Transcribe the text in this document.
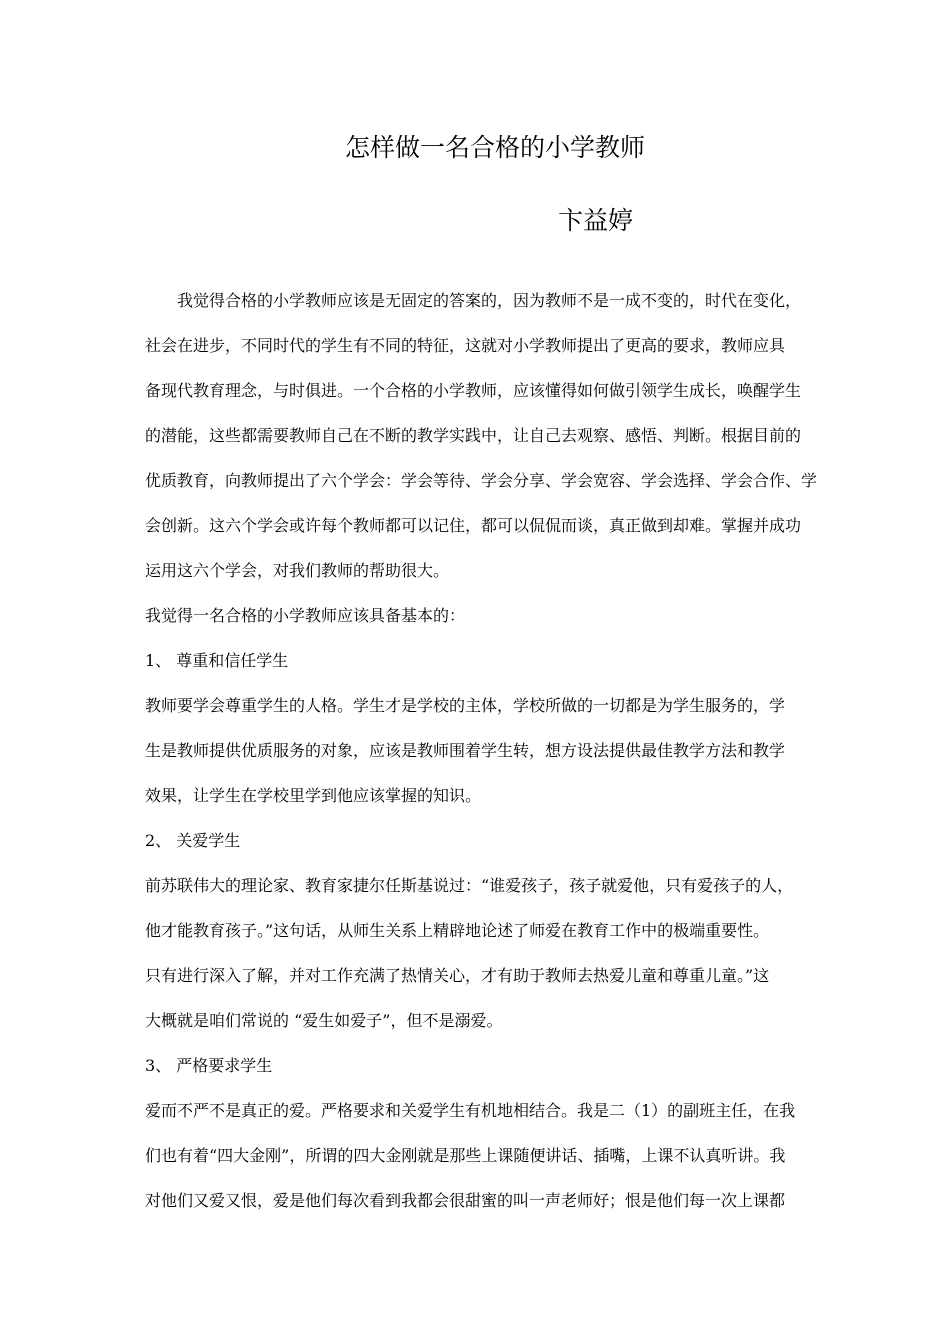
怎样做一名合格的小学教师
卞益婷
　　我觉得合格的小学教师应该是无固定的答案的，因为教师不是一成不变的，时代在变化，
社会在进步，不同时代的学生有不同的特征，这就对小学教师提出了更高的要求，教师应具
备现代教育理念，与时俱进。一个合格的小学教师，应该懂得如何做引领学生成长，唤醒学生
的潜能，这些都需要教师自己在不断的教学实践中，让自己去观察、感悟、判断。根据目前的
优质教育，向教师提出了六个学会：学会等待、学会分享、学会宽容、学会选择、学会合作、学
会创新。这六个学会或许每个教师都可以记住，都可以侃侃而谈，真正做到却难。掌握并成功
运用这六个学会，对我们教师的帮助很大。
我觉得一名合格的小学教师应该具备基本的：
1、 尊重和信任学生
教师要学会尊重学生的人格。学生才是学校的主体，学校所做的一切都是为学生服务的，学
生是教师提供优质服务的对象，应该是教师围着学生转，想方设法提供最佳教学方法和教学
效果，让学生在学校里学到他应该掌握的知识。
2、 关爱学生
前苏联伟大的理论家、教育家捷尔任斯基说过：“谁爱孩子，孩子就爱他，只有爱孩子的人，
他才能教育孩子。”这句话，从师生关系上精辟地论述了师爱在教育工作中的极端重要性。
只有进行深入了解，并对工作充满了热情关心，才有助于教师去热爱儿童和尊重儿童。”这
大概就是咱们常说的 “爱生如爱子”，但不是溺爱。
3、 严格要求学生
爱而不严不是真正的爱。严格要求和关爱学生有机地相结合。我是二（1）的副班主任，在我
们也有着“四大金刚”，所谓的四大金刚就是那些上课随便讲话、插嘴，上课不认真听讲。我
对他们又爱又恨，爱是他们每次看到我都会很甜蜜的叫一声老师好；恨是他们每一次上课都
